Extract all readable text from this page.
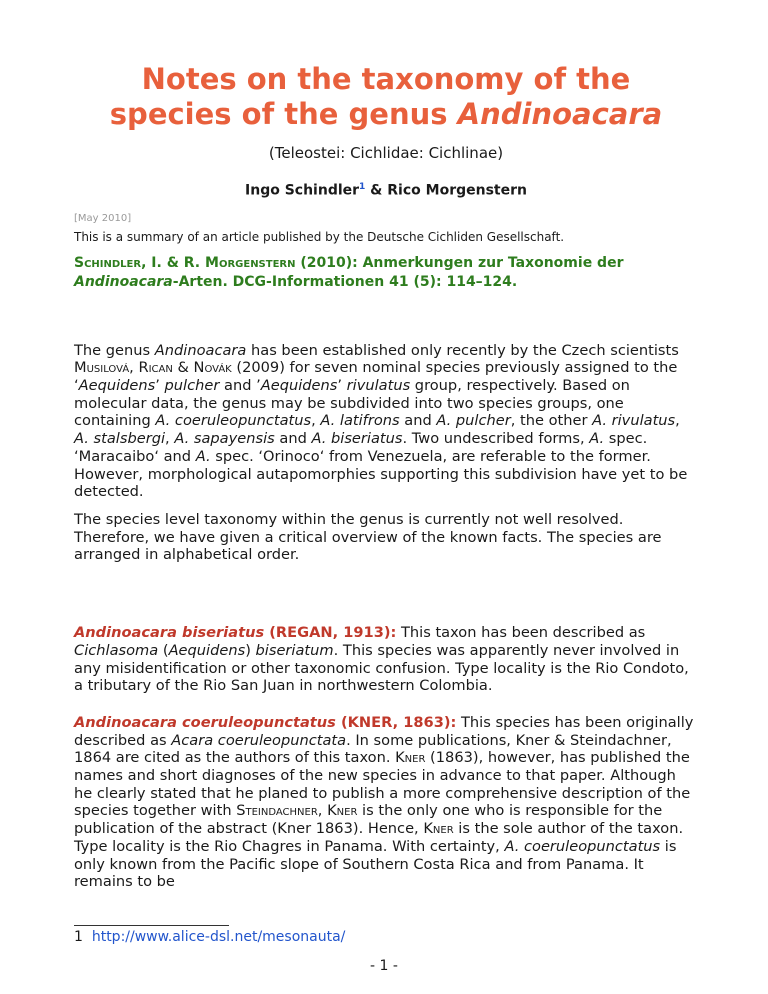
Notes on the taxonomy of the
species of the genus Andinoacara
(Teleostei: Cichlidae: Cichlinae)
Ingo Schindler$^1$ & Rico Morgenstern
[May 2010]
This is a summary of an article published by the Deutsche Cichliden Gesellschaft.
Schindler, I. & R. Morgenstern (2010): Anmerkungen zur Taxonomie der Andinoacara-Arten. DCG-Informationen 41 (5): 114–124.

The genus Andinoacara has been established only recently by the Czech scientists Musilová, Rican & Novák (2009) for seven nominal species previously assigned to the ‘Aequidens’ pulcher and ’Aequidens’ rivulatus group, respectively. Based on molecular data, the genus may be subdivided into two species groups, one containing A. coeruleopunctatus, A. latifrons and A. pulcher, the other A. rivulatus, A. stalsbergi, A. sapayensis and A. biseriatus. Two undescribed forms, A. spec. ‘Maracaibo‘ and A. spec. ‘Orinoco‘ from Venezuela, are referable to the former. However, morphological autapomorphies supporting this subdivision have yet to be detected.

The species level taxonomy within the genus is currently not well resolved. Therefore, we have given a critical overview of the known facts. The species are arranged in alphabetical order.

Andinoacara biseriatus (REGAN, 1913): This taxon has been described as Cichlasoma (Aequidens) biseriatum. This species was apparently never involved in any misidentification or other taxonomic confusion. Type locality is the Rio Condoto, a tributary of the Rio San Juan in northwestern Colombia.

Andinoacara coeruleopunctatus (KNER, 1863): This species has been originally described as Acara coeruleopunctata. In some publications, Kner & Steindachner, 1864 are cited as the authors of this taxon. Kner (1863), however, has published the names and short diagnoses of the new species in advance to that paper. Although he clearly stated that he planed to publish a more comprehensive description of the species together with Steindachner, Kner is the only one who is responsible for the publication of the abstract (Kner 1863). Hence, Kner is the sole author of the taxon. Type locality is the Rio Chagres in Panama. With certainty, A. coeruleopunctatus is only known from the Pacific slope of Southern Costa Rica and from Panama. It remains to be

1 http://www.alice-dsl.net/mesonauta/
- 1 -
